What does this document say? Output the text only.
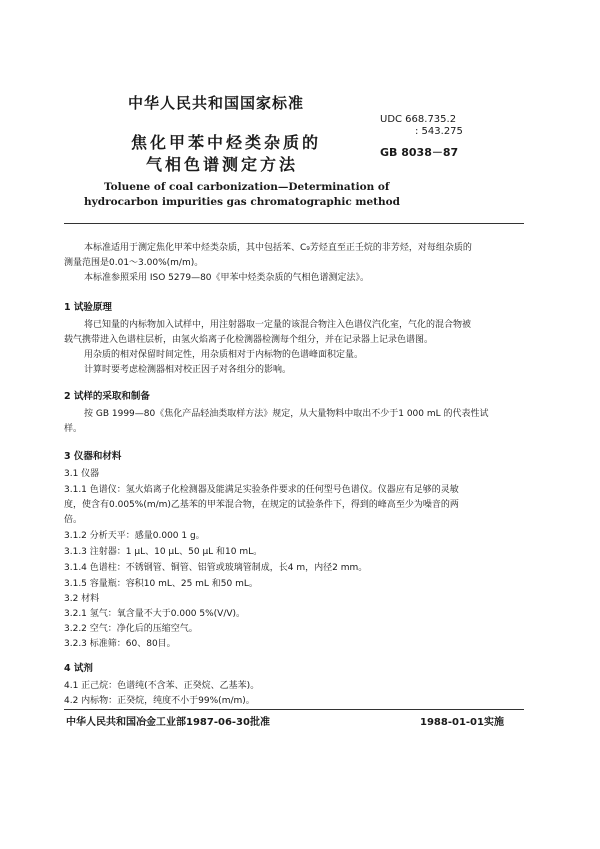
中华人民共和国国家标准
UDC 668.735.2
: 543.275
GB 8038－87
焦化甲苯中烃类杂质的
气相色谱测定方法
Toluene of coal carbonization—Determination of
hydrocarbon impurities gas chromatographic method
本标准适用于测定焦化甲苯中烃类杂质，其中包括苯、C₉芳烃直至正壬烷的非芳烃，对每组杂质的
测量范围是0.01～3.00%(m/m)。
本标准参照采用 ISO 5279—80《甲苯中烃类杂质的气相色谱测定法》。
1 试验原理
将已知量的内标物加入试样中，用注射器取一定量的该混合物注入色谱仪汽化室，气化的混合物被
载气携带进入色谱柱层析，由氢火焰离子化检测器检测每个组分，并在记录器上记录色谱图。
用杂质的相对保留时间定性，用杂质相对于内标物的色谱峰面积定量。
计算时要考虑检测器相对校正因子对各组分的影响。
2 试样的采取和制备
按 GB 1999—80《焦化产品轻油类取样方法》规定，从大量物料中取出不少于1 000 mL 的代表性试
样。
3 仪器和材料
3.1 仪器
3.1.1 色谱仪：氢火焰离子化检测器及能满足实验条件要求的任何型号色谱仪。仪器应有足够的灵敏
度，使含有0.005%(m/m)乙基苯的甲苯混合物，在规定的试验条件下，得到的峰高至少为噪音的两
倍。
3.1.2 分析天平：感量0.000 1 g。
3.1.3 注射器：1 μL、10 μL、50 μL 和10 mL。
3.1.4 色谱柱：不锈钢管、铜管、铝管或玻璃管制成，长4 m，内径2 mm。
3.1.5 容量瓶：容积10 mL、25 mL 和50 mL。
3.2 材料
3.2.1 氢气：氧含量不大于0.000 5%(V/V)。
3.2.2 空气：净化后的压缩空气。
3.2.3 标准筛：60、80目。
4 试剂
4.1 正己烷：色谱纯(不含苯、正癸烷、乙基苯)。
4.2 内标物：正癸烷，纯度不小于99%(m/m)。
中华人民共和国冶金工业部1987-06-30批准	1988-01-01实施
